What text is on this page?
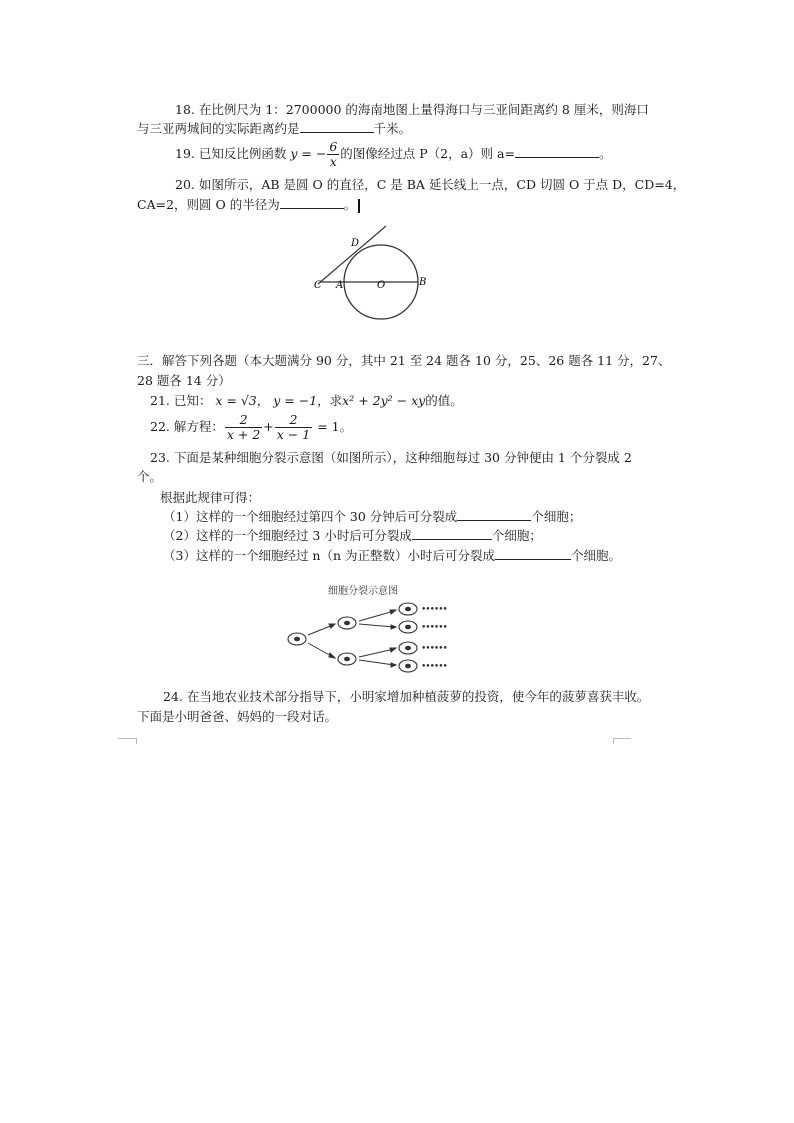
18. 在比例尺为 1：2700000 的海南地图上量得海口与三亚间距离约 8 厘米，则海口
与三亚两城间的实际距离约是	千米。
19. 已知反比例函数 y = − $\frac{6}{x}$ 的图像经过点 P（2，a）则 a=	。
20. 如图所示，AB 是圆 O 的直径，C 是 BA 延长线上一点，CD 切圆 O 于点 D，CD=4，
CA=2，则圆 O 的半径为	。
C A	O	B
D
三．解答下列各题（本大题满分 90 分，其中 21 至 24 题各 10 分，25、26 题各 11 分，27、
28 题各 14 分）
21. 已知： x = √3， y = −1，求x² + 2y² − xy的值。
22. 解方程： $\frac{2}{x + 2} + \frac{2}{x - 1} = 1$。
23. 下面是某种细胞分裂示意图（如图所示），这种细胞每过 30 分钟便由 1 个分裂成 2
个。
根据此规律可得：
（1）这样的一个细胞经过第四个 30 分钟后可分裂成	个细胞；
（2）这样的一个细胞经过 3 小时后可分裂成	个细胞；
（3）这样的一个细胞经过 n（n 为正整数）小时后可分裂成	个细胞。
细胞分裂示意图
••••••
••••••
••••••
••••••
24. 在当地农业技术部分指导下，小明家增加种植菠萝的投资，使今年的菠萝喜获丰收。
下面是小明爸爸、妈妈的一段对话。
